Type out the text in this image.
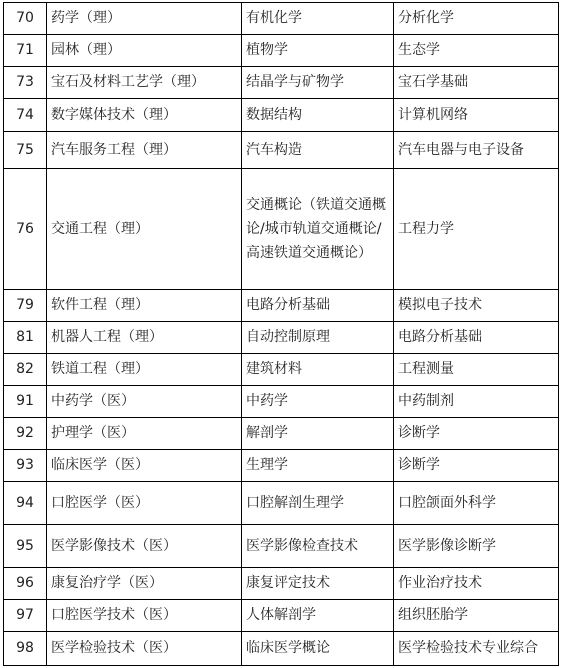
70	药学（理）	有机化学	分析化学
71	园林（理）	植物学	生态学
73	宝石及材料工艺学（理）	结晶学与矿物学	宝石学基础
74	数字媒体技术（理）	数据结构	计算机网络
75	汽车服务工程（理）	汽车构造	汽车电器与电子设备
76	交通工程（理）	交通概论（铁道交通概论/城市轨道交通概论/高速铁道交通概论）	工程力学
79	软件工程（理）	电路分析基础	模拟电子技术
81	机器人工程（理）	自动控制原理	电路分析基础
82	铁道工程（理）	建筑材料	工程测量
91	中药学（医）	中药学	中药制剂
92	护理学（医）	解剖学	诊断学
93	临床医学（医）	生理学	诊断学
94	口腔医学（医）	口腔解剖生理学	口腔颌面外科学
95	医学影像技术（医）	医学影像检查技术	医学影像诊断学
96	康复治疗学（医）	康复评定技术	作业治疗技术
97	口腔医学技术（医）	人体解剖学	组织胚胎学
98	医学检验技术（医）	临床医学概论	医学检验技术专业综合
